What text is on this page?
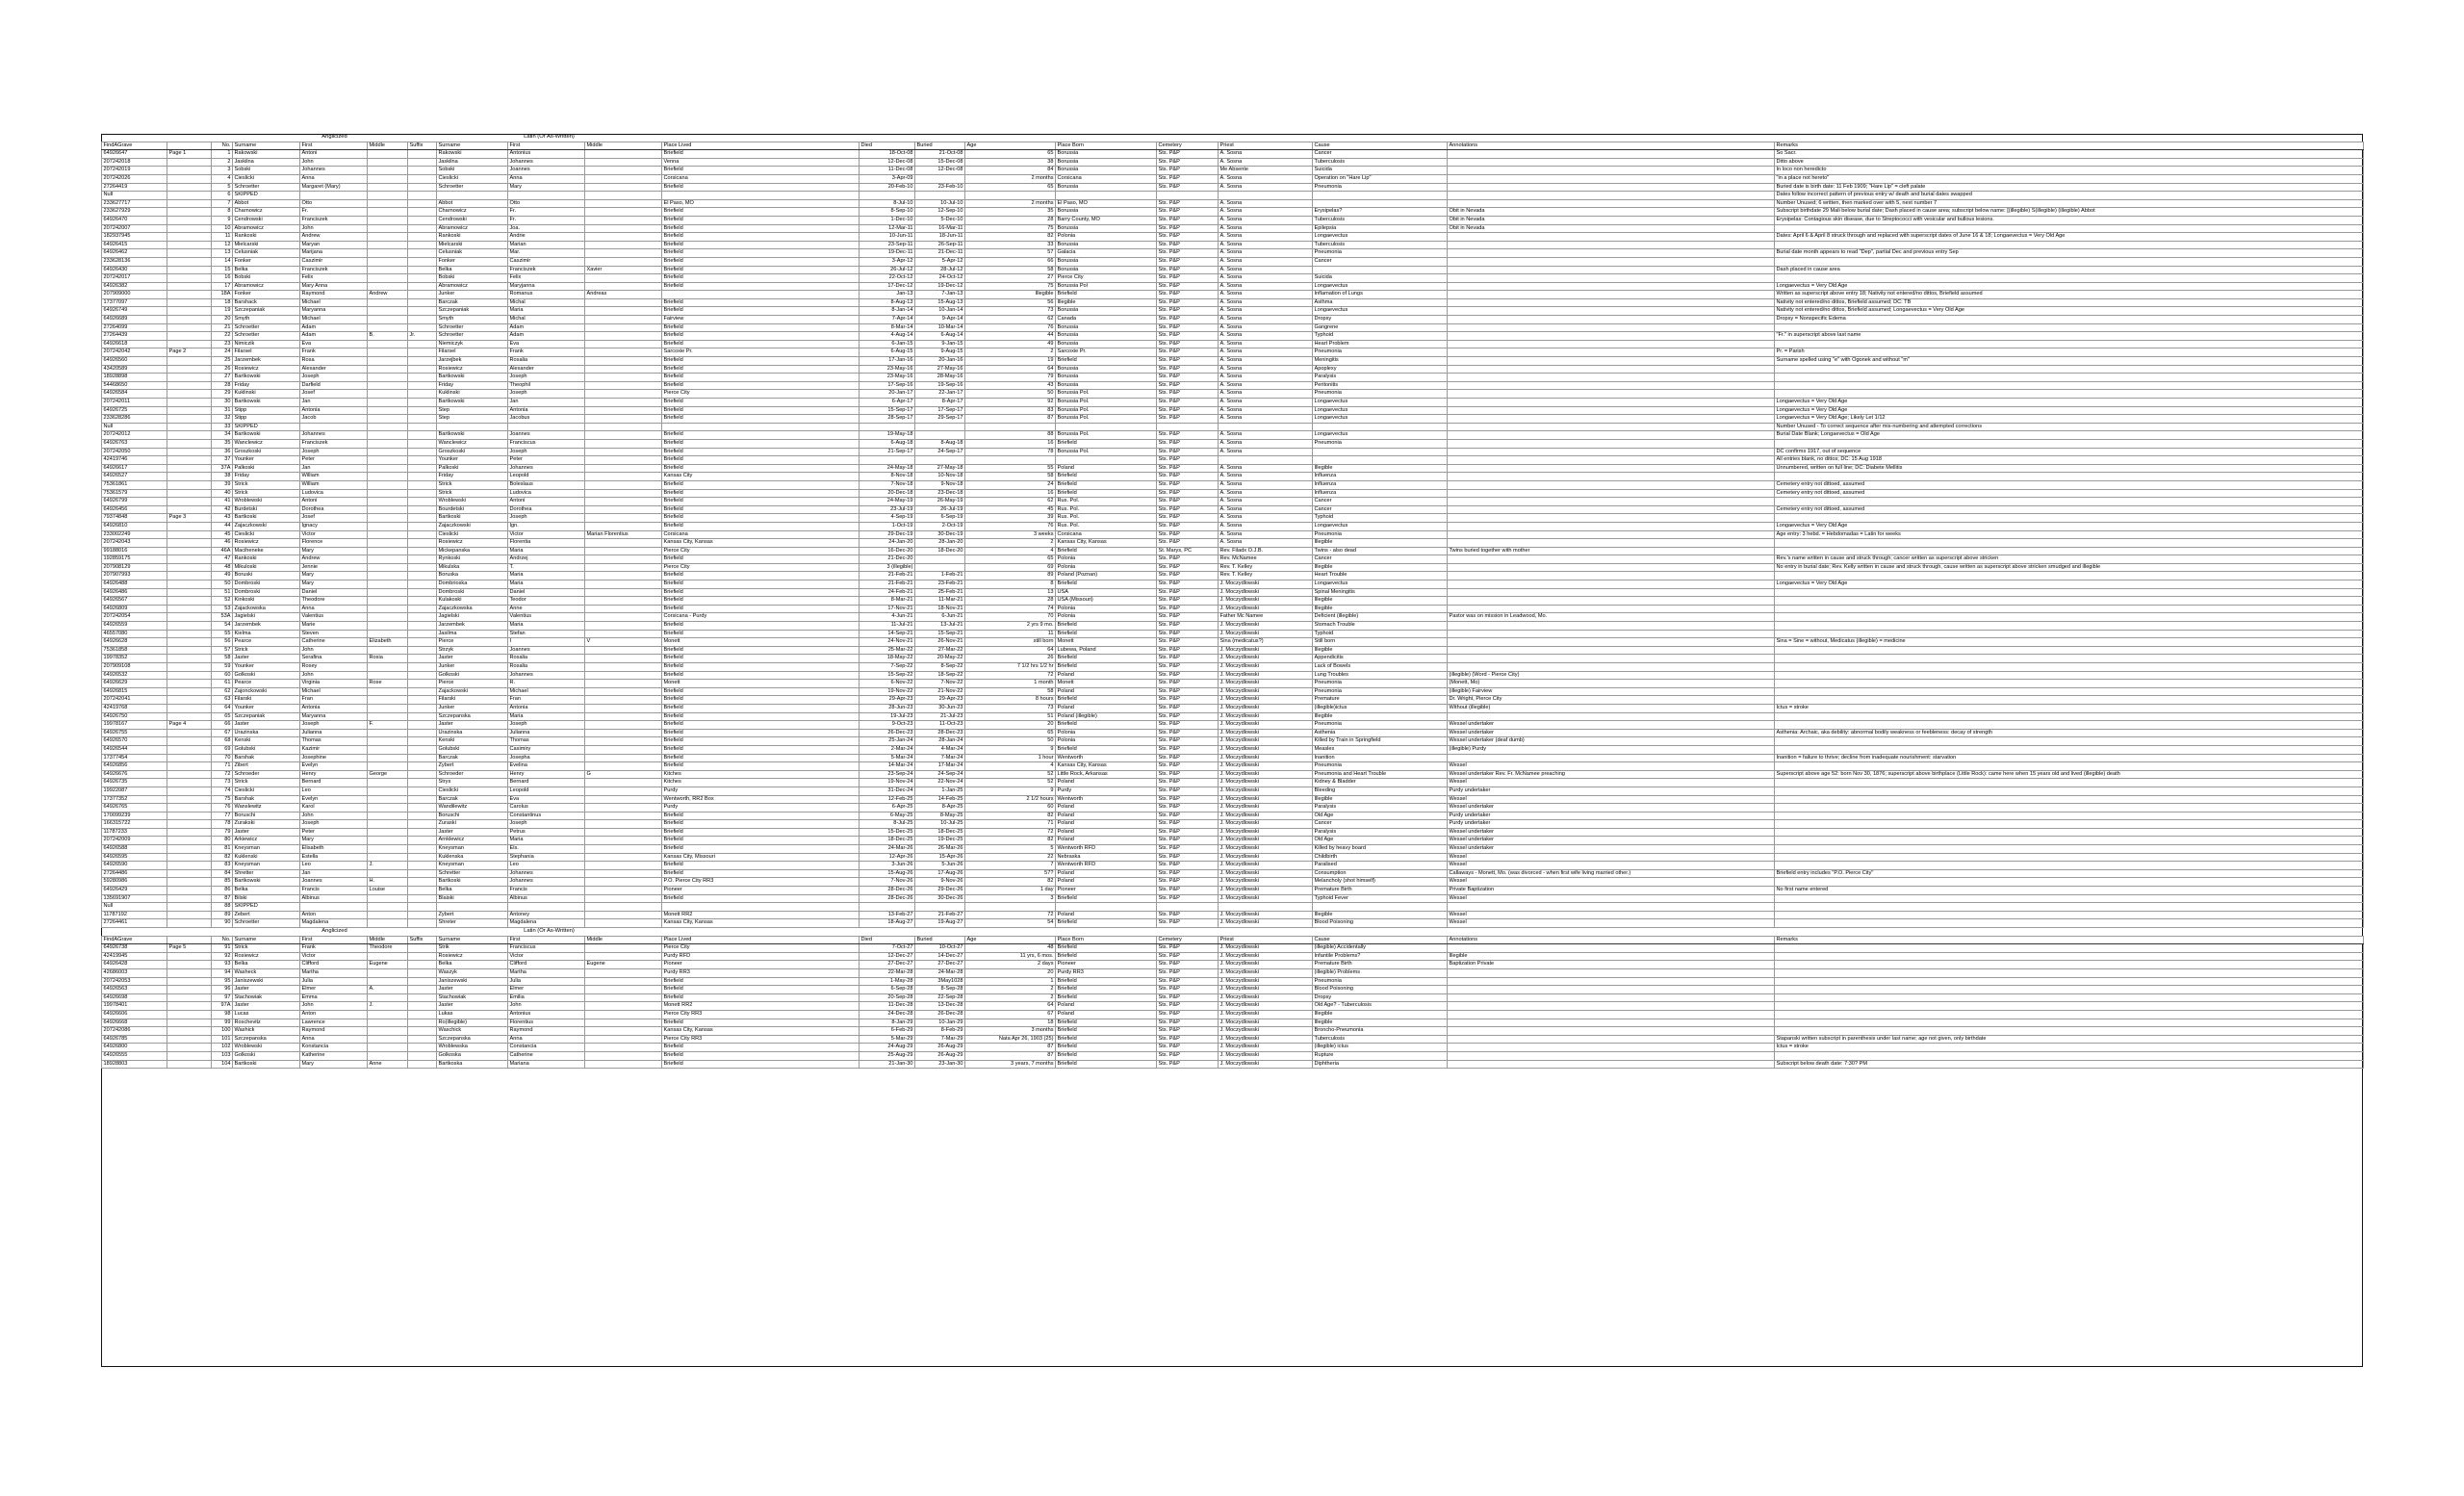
			Anglicized				Latin (Or As-Written)												
FindAGrave		No.	Surname	First	Middle	Suffix	Surname	First	Middle	Place Lived	Died	Buried	Age	Place Born	Cemetery	Priest	Cause	Annotations	Remarks
64926647	Page 1	1	Rakowski	Antoni			Rakowski	Antonius		Briefield	18-Oct-08	21-Oct-08	65	Borussia	Sts. P&P	A. Sosna	Cancer		So Sacr.
207242018		2	Jaskilna	John			Jaskilna	Johannes		Venna	12-Dec-08	15-Dec-08	38	Borussia	Sts. P&P	A. Sosna	Tuberculosis		Ditto above
207242019		3	Sobski	Johannes			Sobski	Joannes		Briefield	11-Dec-08	12-Dec-08	84	Borussia	Sts. P&P	Me Absente	Suicida		In loco non heredicto
207242026		4	Cieslicki	Anna			Cieslicki	Anna		Corsicana	3-Apr-09		2 months	Corsicana	Sts. P&P	A. Sosna	Operation on "Hare Lip"		"in a place not hereto"
27264419		5	Schroetter	Margaret (Mary)			Schroetter	Mary		Briefield	20-Feb-10	23-Feb-10	65	Borussia	Sts. P&P	A. Sosna	Pneumonia		Buried date is birth date: 11 Feb 1909; "Hare Lip" = cleft palate
Null		6	SKIPPED																Dates follow incorrect pattern of previous entry w/ death and burial dates swapped
233627717		7	Abbot	Otto			Abbot	Otto		El Paso, MO	8-Jul-10	10-Jul-10	2 months	El Paso, MO	Sts. P&P	A. Sosna			Number Unused; 6 written, then marked over with 5, next number 7
233627929		8	Charnowicz	Fr.			Charnowicz	Fr.		Briefield	8-Sep-10	12-Sep-10	35	Borussia	Sts. P&P	A. Sosna	Erysipelas?	Obit in Nevada	Subscript birthdate 29 Mali below burial date; Dash placed in cause area; subscript below name: [(illegible) S(illegible) (illegible) Abbot
64926470		9	Cendrowski	Franciszek			Cendrowski	Fr.		Briefield	1-Dec-10	5-Dec-10	28	Barry County, MO	Sts. P&P	A. Sosna	Tuberculosis	Obit in Nevada	Erysipelas: Contagious skin disease, due to Streptococci with vesicular and bullous lesions.
207242007		10	Abramowicz	John			Abramowicz	Joa.		Briefield	12-Mar-11	16-Mar-11	75	Borussia	Sts. P&P	A. Sosna	Epilepsia	Obit in Nevada	
182937945		11	Rankoski	Andrew			Rankoski	Andrie		Briefield	10-Jun-11	18-Jun-11	82	Polonia	Sts. P&P	A. Sosna	Longaevectus		Dates: April 6 & April 8 struck through and replaced with superscript dates of June 16 & 18; Longaevectus = Very Old Age
64926415		12	Mielcarski	Maryan			Mielcarski	Marian		Briefield	23-Sep-11	26-Sep-11	33	Borussia	Sts. P&P	A. Sosna	Tuberculosis		
64926462		13	Celusniak	Marijana			Celusniak	Mar.		Briefield	19-Dec-11	21-Dec-11	57	Galacia	Sts. P&P	A. Sosna	Pneumonia		Burial date month appears to read "Dep", partial Dec and previous entry Sep
233628136		14	Fonker	Caszimir			Fonker	Caszimir		Briefield	3-Apr-12	5-Apr-12	66	Borussia	Sts. P&P	A. Sosna	Cancer		
64926430		15	Belka	Franciszek			Belka	Franciszek	Xavier	Briefield	26-Jul-12	28-Jul-12	58	Borussia	Sts. P&P	A. Sosna			Dash placed in cause area
207242017		16	Bobski	Felix			Bobski	Felix		Briefield	22-Oct-12	24-Oct-12	27	Pierce City	Sts. P&P	A. Sosna	Suicida		
64926382		17	Abramowicz	Mary Anna			Abramowicz	Maryjanna		Briefield	17-Dec-12	19-Dec-12	75	Borussia Pol	Sts. P&P	A. Sosna	Longaevectus		Longaevectus = Very Old Age
207909000		18A	Fonker	Raymond	Andrew		Junker	Romanus	Andreas		Jan-13	7-Jan-13	Illegible	Briefield	Sts. P&P	A. Sosna	Inflamation of Lungs		Written as superscript above entry 18; Nativity not entered/no dittos, Briefield assumed
17377097		18	Barshack	Michael			Barczak	Michal		Briefield	8-Aug-13	15-Aug-13	56	Illegible	Sts. P&P	A. Sosna	Asthma		Nativity not entered/no dittos, Briefield assumed; DC: TB
64926749		19	Szczepaniak	Maryanna			Szczepaniak	Maria		Briefield	8-Jan-14	10-Jan-14	73	Borussia	Sts. P&P	A. Sosna	Longaevectus		Nativity not entered/no dittos, Briefield assumed; Longaevectus = Very Old Age
64926689		20	Smyth	Michael			Smyth	Michal		Fairview	7-Apr-14	9-Apr-14	62	Canada	Sts. P&P	A. Sosna	Dropsy		Dropsy = Nonspecific Edema
27264099		21	Schroetter	Adam			Schroetter	Adam		Briefield	8-Mar-14	10-Mar-14	76	Borussia	Sts. P&P	A. Sosna	Gangrene		
27264439		22	Schroetter	Adam	B.	Jr.	Schroetter	Adam		Briefield	4-Aug-14	6-Aug-14	44	Borussia	Sts. P&P	A. Sosna	Typhoid		"Fr." in superscript above last name
64926618		23	Nimiczik	Eva			Niemiczyk	Eva		Briefield	6-Jan-15	9-Jan-15	49	Borussia	Sts. P&P	A. Sosna	Heart Problem		
207242042	Page 2	24	Filarsel	Frank			Filarsel	Frank		Sarcoxie Pr.	6-Aug-15	9-Aug-15	2	Sarcoxie Pr.	Sts. P&P	A. Sosna	Pneumonia		Pr. = Parish
64926560		25	Jarzembek	Rosa			Jarzejbek	Rosalia		Briefield	17-Jan-16	20-Jan-16	19	Briefield	Sts. P&P	A. Sosna	Meningitis		Surname spelled using "e" with Ogonek and without "m"
43420589		26	Rosiewicz	Alexander			Rosiewicz	Alexander		Briefield	23-May-16	27-May-16	64	Borussia	Sts. P&P	A. Sosna	Apoplexy		
18928898		27	Bartkowski	Joseph			Bartkowski	Joseph		Briefield	23-May-16	28-May-16	79	Borussia	Sts. P&P	A. Sosna	Paralysis		
54468650		28	Friday	Darfield			Friday	Theophil		Briefield	17-Sep-16	19-Sep-16	43	Borussia	Sts. P&P	A. Sosna	Peritonitis		
64926584		29	Kuklinski	Josef			Kuklinski	Joseph		Pierce City	20-Jan-17	22-Jan-17	50	Borussia Pol.	Sts. P&P	A. Sosna	Pneumonia		
207242011		30	Bartkowski	Jan			Bartkowski	Jan		Briefield	6-Apr-17	8-Apr-17	92	Borussia Pol.	Sts. P&P	A. Sosna	Longaevectus		Longaevectus = Very Old Age
64926725		31	Stipp	Antonia			Step	Antonia		Briefield	15-Sep-17	17-Sep-17	83	Borussia Pol.	Sts. P&P	A. Sosna	Longaevectus		Longaevectus = Very Old Age
233628286		32	Stipp	Jacob			Step	Jacobus		Briefield	28-Sep-17	29-Sep-17	87	Borussia Pol.	Sts. P&P	A. Sosna	Longaevectus		Longaevectus = Very Old Age; Likely Let 1/12
Null		33	SKIPPED																Number Unused - To correct sequence after mis-numbering and attempted corrections
207242012		34	Bartkowski	Johannes			Bartkowski	Joannes		Briefield	19-May-18		88	Borussia Pol.	Sts. P&P	A. Sosna	Longaevectus		Burial Date Blank; Longaevectus = Old Age
64926763		35	Wanclewicz	Franciszek			Wanclewicz	Franciscus		Briefield	6-Aug-18	8-Aug-18	16	Briefield	Sts. P&P	A. Sosna	Pneumonia		
207242050		36	Groszkoski	Joseph			Groszkoski	Joseph		Briefield	21-Sep-17	24-Sep-17	78	Borussia Pol.	Sts. P&P	A. Sosna			DC confirms 1917, out of sequence
42419746		37	Younker	Peter			Younker	Peter		Briefield					Sts. P&P				All entries blank, no dittos; DC: 15 Aug 1918
64926617		37A	Palkoski	Jan			Palkoski	Johannes		Briefield	24-May-18	27-May-18	55	Poland	Sts. P&P	A. Sosna	Illegible		Unnumbered, written on full line; DC: Diabete Mellitis
64926527		38	Friday	William			Friday	Leopold		Kansas City	8-Nov-18	10-Nov-18	58	Briefield	Sts. P&P	A. Sosna	Influenza		
75361861		39	Strick	William			Strick	Boleslaus		Briefield	7-Nov-18	9-Nov-18	24	Briefield	Sts. P&P	A. Sosna	Influenza		Cemetery entry not dittoed, assumed
75361579		40	Strick	Ludovica			Strick	Ludovica		Briefield	20-Dec-18	23-Dec-18	16	Briefield	Sts. P&P	A. Sosna	Influenza		Cemetery entry not dittoed, assumed
64926799		41	Wroblewski	Antoni			Wroblewski	Antoni		Briefield	24-May-19	26-May-19	62	Rus. Pol.	Sts. P&P	A. Sosna	Cancer		
64926456		42	Burdetski	Dorothea			Bourdetski	Dorothea		Briefield	23-Jul-19	26-Jul-19	45	Rus. Pol.	Sts. P&P	A. Sosna	Cancer		Cemetery entry not dittoed, assumed
79374848	Page 3	43	Bartkoski	Josef			Bartkoski	Joseph		Briefield	4-Sep-19	6-Sep-19	39	Rus. Pol.	Sts. P&P	A. Sosna	Typhoid		
64926810		44	Zajaczkowski	Ignacy			Zajaczkowski	Ign.		Briefield	1-Oct-19	2-Oct-19	76	Rus. Pol.	Sts. P&P	A. Sosna	Longaevectus		Longaevectus = Very Old Age
233002249		45	Cieslicki	Victor			Cieslicki	Victor	Marian Florentius	Corsicana	29-Dec-19	30-Dec-19	3 weeks	Corsicana	Sts. P&P	A. Sosna	Pneumonia		Age entry: 3 hebd. = Hebdomadas = Latin for weeks
207242043		46	Rosiewicz	Florence			Rosiewicz	Florentia		Kansas City, Kansas	24-Jan-20	28-Jan-20	2	Kansas City, Kansas	Sts. P&P	A. Sosna	Illegible		
99188016		46A	Maciheneke	Mary			Mickepanska	Maria		Pierce City	16-Dec-20	18-Dec-20	4	Briefield	St. Marys, PC	Rev. Filadx O.J.B.	Twins - also dead	Twins buried together with mother	
192859175		47	Rankoski	Andrew			Rynkoski	Andrzej		Briefield	21-Dec-20		65	Polonia	Sts. P&P	Rev. McNamee	Cancer		Rev.'s name written in cause and struck through; cancer written as superscript above stricken
207908129		48	Mikuloski	Jennie			Mikulska	T.		Pierce City	3 (illegible)		69	Polonia	Sts. P&P	Rev. T. Kelley	Illegible		No entry in burial date; Rev. Kelly written in cause and struck through, cause written as superscript above stricken smudged and illegible
207907993		49	Boruski	Mary			Boruska	Maria		Briefield	21-Feb-21	1-Feb-21	89	Poland (Poznan)	Sts. P&P	Rev. T. Kelley	Heart Trouble		
64926488		50	Dombroski	Mary			Dombrioska	Maria		Briefield	21-Feb-21	23-Feb-21	8	Briefield	Sts. P&P	J. Moczydlowski	Longaevectus		Longaevectus = Very Old Age
64926486		51	Dombroski	Daniel			Dombroski	Daniel		Briefield	24-Feb-21	25-Feb-21	13	USA	Sts. P&P	J. Moczydlowski	Spinal Meningitis		
64926567		52	Kinkoski	Theodore			Kulakoski	Teodor		Briefield	8-Mar-21	11-Mar-21	28	USA (Missouri)	Sts. P&P	J. Moczydlowski	Illegible		
64926809		53	Zajackowska	Anna			Zajaczkowska	Anne		Briefield	17-Nov-21	18-Nov-21	74	Polonia	Sts. P&P	J. Moczydlowski	Illegible		
207242054		53A	Jagielski	Valentius			Jagielski	Valentius		Corsicana - Purdy	4-Jun-21	6-Jun-21	70	Polonia	Sts. P&P	Father Mc Namee	Deficient (illegible)	Pastor was on mission in Leadwood, Mo.	
64926559		54	Jarzembek	Marie			Jarzembek	Maria		Briefield	11-Jul-21	13-Jul-21	2 yrs 9 mo.	Briefield	Sts. P&P	J. Moczydlowski	Stomach Trouble		
46557080		55	Kielma	Steven			Jasilma	Stefan		Briefield	14-Sep-21	15-Sep-21	11	Briefield	Sts. P&P	J. Moczydlowski	Typhoid		
64926628		56	Pearce	Catherine	Elizabeth		Pierce	I	V	Monett	24-Nov-21	26-Nov-21	still born	Monett	Sts. P&P	Sina (medicatus?)	Still born		Sina = Sine = without, Medicatus (illegible) = medicine
75361858		57	Strick	John			Strzyk	Joannes		Briefield	25-Mar-22	27-Mar-22	64	Lubewa, Poland	Sts. P&P	J. Moczydlowski	Illegible		
19978352		58	Jaster	Serafina	Rosia		Jaster	Rosalia		Briefield	18-May-22	20-May-22	26	Briefield	Sts. P&P	J. Moczydlowski	Appendicitis		
207909108		59	Younker	Rosey			Junker	Rosalia		Briefield	7-Sep-22	8-Sep-22	7 1/2 hrs 1/2 hr	Briefield	Sts. P&P	J. Moczydlowski	Lack of Bowels		
64926532		60	Golkoski	John			Golkoski	Johannes		Briefield	15-Sep-22	18-Sep-22	72	Poland	Sts. P&P	J. Moczydlowski	Lung Troubles	(illegible) (Word - Pierce City)	
64926629		61	Pearce	Virginia	Rose		Pierce	R.		Monett	6-Nov-22	7-Nov-22	1 month	Monett	Sts. P&P	J. Moczydlowski	Pneumonia	(Monett, Mo)	
64926815		62	Zajonckowski	Michael			Zajackowski	Michael		Briefield	19-Nov-22	21-Nov-22	58	Poland	Sts. P&P	J. Moczydlowski	Pneumonia	(illegible) Fairview	
207242041		63	Filarski	Fran			Filarski	Fran		Briefield	29-Apr-23	29-Apr-23	8 hours	Briefield	Sts. P&P	J. Moczydlowski	Premature	Dr. Wright, Pierce City	
42419768		64	Younker	Antonia			Junker	Antonia		Briefield	28-Jun-23	30-Jun-23	73	Poland	Sts. P&P	J. Moczydlowski	(illegible)ictus	Without (illegible)	Ictus = stroke
64926750		65	Szczepaniak	Maryanna			Szczepanska	Maria		Briefield	19-Jul-23	21-Jul-23	51	Poland (illegible)	Sts. P&P	J. Moczydlowski	Illegible		
19978167	Page 4	66	Jaster	Joseph	F.		Jaster	Joseph		Briefield	9-Oct-23	11-Oct-23	20	Briefield	Sts. P&P	J. Moczydlowski	Pneumonia	Wessel undertaker	
64926755		67	Urazinska	Julianna			Urazinska	Julianna		Briefield	26-Dec-23	28-Dec-23	65	Polonia	Sts. P&P	J. Moczydlowski	Asthenia	Wessel undertaker	Asthenia: Archaic, aka debility: abnormal bodily weakness or feebleness: decay of strength
64926570		68	Kenski	Thomas			Kenski	Thomas		Briefield	25-Jan-24	28-Jan-24	50	Polonia	Sts. P&P	J. Moczydlowski	Killed by Train in Springfield	Wessel undertaker (deaf dumb)	
64926544		69	Golubski	Kazimir			Golubski	Casimiry		Briefield	2-Mar-24	4-Mar-24	9	Briefield	Sts. P&P	J. Moczydlowski	Measles	(illegible) Purdy	
17377454		70	Barshak	Josephine			Barczak	Josepha		Briefield	5-Mar-24	7-Mar-24	1 hour	Wentworth	Sts. P&P	J. Moczydlowski	Inanition		Inanition = failure to thrive; decline from inadequate nourishment: starvation
64926856		71	Zibert	Evelyn			Zybert	Evelina		Briefield	14-Mar-24	17-Mar-24	4	Kansas City, Kansas	Sts. P&P	J. Moczydlowski	Pneumonia	Wessel	
64926676		72	Schroeder	Henry	George		Schroeder	Henry	G	Kitches	23-Sep-24	24-Sep-24	52	Little Rock, Arkansas	Sts. P&P	J. Moczydlowski	Pneumonia and Heart Trouble	Wessel undertaker Rev. Fr. McNamee preaching	Superscript above age 52: born Nov 30, 1876; superscript above birthplace (Little Rock): came here when 15 years old and lived (illegible) death
64926735		73	Strick	Bernard			Strys	Bernard		Kitches	19-Nov-24	22-Nov-24	52	Poland	Sts. P&P	J. Moczydlowski	Kidney & Bladder	Wessel	
19922087		74	Cieslicki	Leo			Cieslicki	Leopold		Purdy	31-Dec-24	1-Jan-25	9	Purdy	Sts. P&P	J. Moczydlowski	Bleeding	Purdy undertaker	
17377352		75	Barshak	Evelyn			Barczak	Eva		Wentworth, RR2 Box	12-Feb-25	14-Feb-25	2 1/2 hours	Wentworth	Sts. P&P	J. Moczydlowski	Illegible	Wessel	
64926765		76	Wanslewitz	Karol			Wandilewitz	Carolus		Purdy	6-Apr-25	8-Apr-25	60	Poland	Sts. P&P	J. Moczydlowski	Paralysis	Wessel undertaker	
170099239		77	Boruschi	John			Boruschi	Constantinus		Briefield	6-May-25	8-May-25	82	Poland	Sts. P&P	J. Moczydlowski	Old Age	Purdy undertaker	
166315722		78	Zurakski	Joseph			Zuraski	Joseph		Briefield	8-Jul-25	10-Jul-25	71	Poland	Sts. P&P	J. Moczydlowski	Cancer	Purdy undertaker	
11787233		79	Jaster	Peter			Jaster	Petrus		Briefield	15-Dec-25	18-Dec-25	72	Poland	Sts. P&P	J. Moczydlowski	Paralysis	Wessel undertaker	
207242009		80	Arkiewicz	Mary			Arnklewicz	Maria		Briefield	18-Dec-25	19-Dec-25	82	Poland	Sts. P&P	J. Moczydlowski	Old Age	Wessel undertaker	
64926588		81	Kneysman	Elisabeth			Kneysman	Els.		Briefield	24-Mar-26	26-Mar-26	5	Wentworth RFD	Sts. P&P	J. Moczydlowski	Killed by heavy board	Wessel undertaker	
64926595		82	Kuklenski	Estella			Kuklenska	Stephania		Kansas City, Missouri	12-Apr-26	15-Apr-26	22	Nebraska	Sts. P&P	J. Moczydlowski	Childbirth	Wessel	
64926590		83	Kneysman	Leo	J.		Kneysman	Leo		Briefield	3-Jun-26	5-Jun-26	7	Wentworth RFD	Sts. P&P	J. Moczydlowski	Paralised	Wessel	
27264486		84	Shretter	Jan			Schretter	Johannes		Briefield	15-Aug-26	17-Aug-26	57?	Poland	Sts. P&P	J. Moczydlowski	Consumption	Callaways - Monett, Mo. (was divorced - when first wife living married other.)	Briefield entry includes "P.O. Pierce City"
59280986		85	Bartkowski	Joannes	H.		Bartkoski	Johannes		P.O. Pierce City RR3	7-Nov-26	9-Nov-26	82	Poland	Sts. P&P	J. Moczydlowski	Melancholy (shot himself)	Wessel	
64926429		86	Belka	Francis	Louise		Belka	Francis		Pioneer	28-Dec-26	29-Dec-26	1 day	Pioneer	Sts. P&P	J. Moczydlowski	Premature Birth	Private Baptization	No first name entered
135691907		87	Bilski	Albinus			Blaiski	Albinus		Briefield	28-Dec-26	30-Dec-26	3	Briefield	Sts. P&P	J. Moczydlowski	Typhoid Fever	Wessel	
Null		88	SKIPPED																
11787192		89	Zebert	Anton			Zybert	Antoney		Monett RR2	13-Feb-27	21-Feb-27	72	Poland	Sts. P&P	J. Moczydlowski	Illegible	Wessel	
27264461		90	Schroetter	Magdalena			Shreter	Magdalena		Kansas City, Kansas	18-Aug-27	19-Aug-27	54	Briefield	Sts. P&P	J. Moczydlowski	Blood Poisoning	Wessel	
			Anglicized				Latin (Or As-Written)												
FindAGrave		No.	Surname	First	Middle	Suffix	Surname	First	Middle	Place Lived	Died	Buried	Age	Place Born	Cemetery	Priest	Cause	Annotations	Remarks
64926738	Page 5	91	Strick	Frank	Theodore		Strik	Franciscus		Pierce City	7-Oct-27	10-Oct-27	48	Briefield	Sts. P&P	J. Moczydlowski	(illegible) Accidentally		
42419945		92	Rosiewicz	Victor			Rosiewicz	Victor		Purdy RFD	12-Dec-27	14-Dec-27	11 yrs, 6 mos.	Briefield	Sts. P&P	J. Moczydlowski	Infantile Problems?	Illegible	
64926428		93	Belka	Clifford	Eugene		Belka	Clifford	Eugene	Pioneer	27-Dec-27	27-Dec-27	2 days	Pioneer	Sts. P&P	J. Moczydlowski	Premature Birth	Baptization Private	
42686003		94	Washeck	Martha			Waszyk	Martha		Purdy RR3	22-Mar-28	24-Mar-28	20	Purdy RR3	Sts. P&P	J. Moczydlowski	(illegible) Problems		
207242053		95	Janiszewski	Julia			Janiszewski	Julia		Briefield	1-May-28	3May1028	1	Briefield	Sts. P&P	J. Moczydlowski	Pneumonia		
64926563		96	Jaster	Elmer	A.		Jaster	Elmer		Briefield	6-Sep-28	8-Sep-28	2	Briefield	Sts. P&P	J. Moczydlowski	Blood Poisoning		
64926698		97	Stachowiak	Emma			Stachowiak	Emilia		Briefield	20-Sep-28	22-Sep-28	2	Briefield	Sts. P&P	J. Moczydlowski	Dropsy		
19978401		97A	Jaster	John	J.		Jaster	John		Monett RR2	11-Dec-28	13-Dec-28	64	Poland	Sts. P&P	J. Moczydlowski	Old Age? - Tuberculosis		
64926606		98	Lucas	Anton			Lukas	Antonius		Pierce City RR3	24-Dec-28	26-Dec-28	67	Poland	Sts. P&P	J. Moczydlowski	Illegible		
64926668		99	Roschevitz	Lawrence			Ro(illegible)	Florentius		Briefield	8-Jan-29	10-Jan-29	18	Briefield	Sts. P&P	J. Moczydlowski	Illegible		
207242086		100	Washick	Raymond			Waschick	Raymond		Kansas City, Kansas	6-Feb-29	8-Feb-29	3 months	Briefield	Sts. P&P	J. Moczydlowski	Broncho-Pneumonia		
64926785		101	Szczepanska	Anna			Szczepanska	Anna		Pierce City RR3	5-Mar-29	7-Mar-29	Nata Apr 26, 1903 (25)	Briefield	Sts. P&P	J. Moczydlowski	Tuberculosis		Stapanski written subscript in parenthesis under last name; age not given, only birthdate
64926800		102	Wroblewski	Konstancia			Wroblewska	Constancia		Briefield	24-Aug-29	26-Aug-29	87	Briefield	Sts. P&P	J. Moczydlowski	(illegible) ictus		Ictus = stroke
64926555		103	Golkoski	Katherine			Golkoska	Catherine		Briefield	25-Aug-29	26-Aug-29	87	Briefield	Sts. P&P	J. Moczydlowski	Rupture		
18928803		104	Bartkoski	Mary	Anne		Bartkoska	Mariana		Briefield	21-Jan-30	23-Jan-30	3 years, 7 months	Briefield	Sts. P&P	J. Moczydlowski	Diphtheria		Subscript below death date: 7:30? PM
